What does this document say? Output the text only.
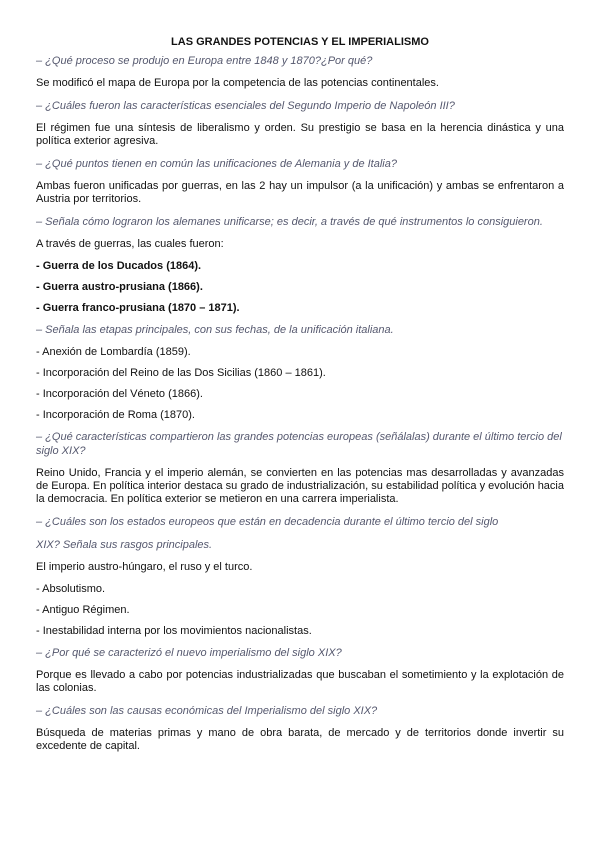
LAS GRANDES POTENCIAS Y EL IMPERIALISMO

– ¿Qué proceso se produjo en Europa entre 1848 y 1870?¿Por qué?

Se modificó el mapa de Europa por la competencia de las potencias continentales.

– ¿Cuáles fueron las características esenciales del Segundo Imperio de Napoleón III?

El régimen fue una síntesis de liberalismo y orden. Su prestigio se basa en la herencia dinástica y una política exterior agresiva.

– ¿Qué puntos tienen en común las unificaciones de Alemania y de Italia?

Ambas fueron unificadas por guerras, en las 2 hay un impulsor (a la unificación) y ambas se enfrentaron a Austria por territorios.

– Señala cómo lograron los alemanes unificarse; es decir, a través de qué instrumentos lo consiguieron.

A través de guerras, las cuales fueron:

- Guerra de los Ducados (1864).

- Guerra austro-prusiana (1866).

- Guerra franco-prusiana (1870 – 1871).

– Señala las etapas principales, con sus fechas, de la unificación italiana.

- Anexión de Lombardía (1859).

- Incorporación del Reino de las Dos Sicilias (1860 – 1861).

- Incorporación del Véneto (1866).

- Incorporación de Roma (1870).

– ¿Qué características compartieron las grandes potencias europeas (señálalas) durante el último tercio del siglo XIX?

Reino Unido, Francia y el imperio alemán, se convierten en las potencias mas desarrolladas y avanzadas de Europa. En política interior destaca su grado de industrialización, su estabilidad política y evolución hacia la democracia. En política exterior se metieron en una carrera imperialista.

– ¿Cuáles son los estados europeos que están en decadencia durante el último tercio del siglo

XIX? Señala sus rasgos principales.

El imperio austro-húngaro, el ruso y el turco.

- Absolutismo.

- Antiguo Régimen.

- Inestabilidad interna por los movimientos nacionalistas.

– ¿Por qué se caracterizó el nuevo imperialismo del siglo XIX?

Porque es llevado a cabo por potencias industrializadas que buscaban el sometimiento y la explotación de las colonias.

– ¿Cuáles son las causas económicas del Imperialismo del siglo XIX?

Búsqueda de materias primas y mano de obra barata, de mercado y de territorios donde invertir su excedente de capital.
